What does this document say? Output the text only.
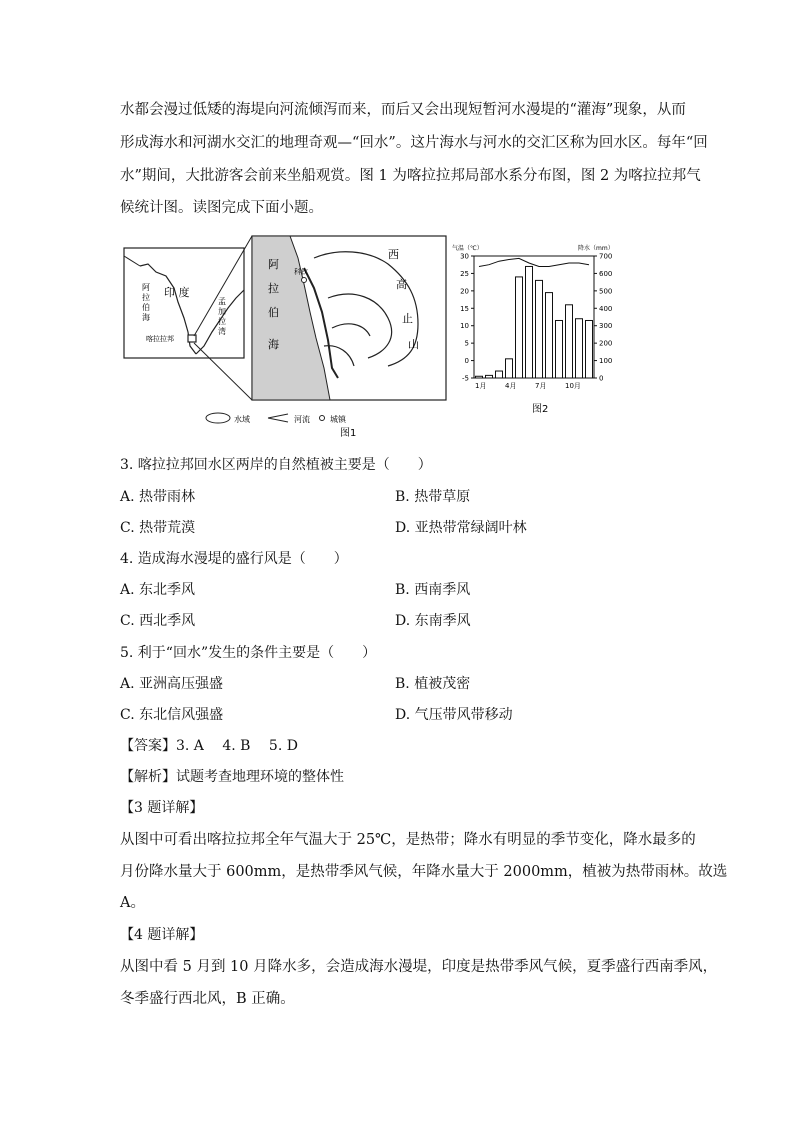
水都会漫过低矮的海堤向河流倾泻而来，而后又会出现短暂河水漫堤的“灌海”现象，从而
形成海水和河湖水交汇的地理奇观—“回水”。这片海水与河水的交汇区称为回水区。每年“回
水”期间，大批游客会前来坐船观赏。图 1 为喀拉拉邦局部水系分布图，图 2 为喀拉拉邦气
候统计图。读图完成下面小题。
印 度
阿拉伯海
孟加拉湾
喀拉拉邦
科钦
阿拉伯海
西高止山
水域	河流	城镇
图1
气温（℃）	降水（mm）
30
25
20
15
10
5
0
-5
700
600
500
400
300
200
100
0
1月	4月	7月	10月
图2
3. 喀拉拉邦回水区两岸的自然植被主要是（　　）
A. 热带雨林	B. 热带草原
C. 热带荒漠	D. 亚热带常绿阔叶林
4. 造成海水漫堤的盛行风是（　　）
A. 东北季风	B. 西南季风
C. 西北季风	D. 东南季风
5. 利于“回水”发生的条件主要是（　　）
A. 亚洲高压强盛	B. 植被茂密
C. 东北信风强盛	D. 气压带风带移动
【答案】3. A　 4. B　 5. D
【解析】试题考查地理环境的整体性
【3 题详解】
从图中可看出喀拉拉邦全年气温大于 25℃，是热带；降水有明显的季节变化，降水最多的
月份降水量大于 600mm，是热带季风气候，年降水量大于 2000mm，植被为热带雨林。故选
A。
【4 题详解】
从图中看 5 月到 10 月降水多，会造成海水漫堤，印度是热带季风气候，夏季盛行西南季风，
冬季盛行西北风，B 正确。
